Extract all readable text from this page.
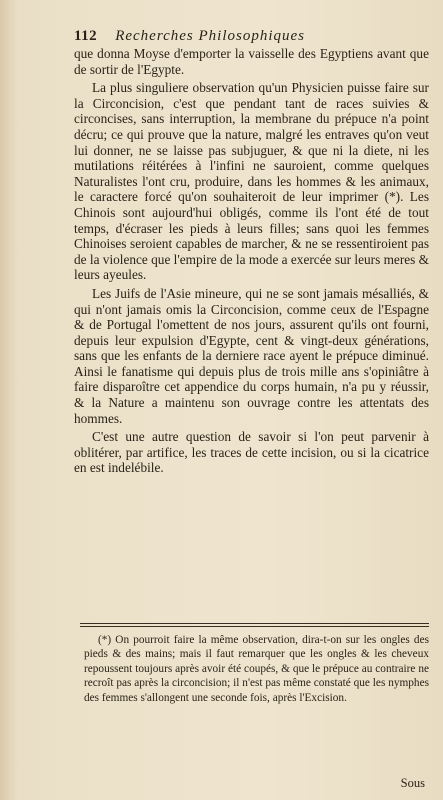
112 Recherches Philosophiques

que donna Moyse d'emporter la vaisselle des Egyptiens avant que de sortir de l'Egypte.

La plus singuliere observation qu'un Physicien puisse faire sur la Circoncision, c'est que pendant tant de races suivies & circoncises, sans interruption, la membrane du prépuce n'a point décru; ce qui prouve que la nature, malgré les entraves qu'on veut lui donner, ne se laisse pas subjuguer, & que ni la diete, ni les mutilations réitérées à l'infini ne sauroient, comme quelques Naturalistes l'ont cru, produire, dans les hommes & les animaux, le caractere forcé qu'on souhaiteroit de leur imprimer (*). Les Chinois sont aujourd'hui obligés, comme ils l'ont été de tout temps, d'écraser les pieds à leurs filles; sans quoi les femmes Chinoises seroient capables de marcher, & ne se ressentiroient pas de la violence que l'empire de la mode a exercée sur leurs meres & leurs ayeules.

Les Juifs de l'Asie mineure, qui ne se sont jamais mésalliés, & qui n'ont jamais omis la Circoncision, comme ceux de l'Espagne & de Portugal l'omettent de nos jours, assurent qu'ils ont fourni, depuis leur expulsion d'Egypte, cent & vingt-deux générations, sans que les enfants de la derniere race ayent le prépuce diminué. Ainsi le fanatisme qui depuis plus de trois mille ans s'opiniâtre à faire disparoître cet appendice du corps humain, n'a pu y réussir, & la Nature a maintenu son ouvrage contre les attentats des hommes.

C'est une autre question de savoir si l'on peut parvenir à oblitérer, par artifice, les traces de cette incision, ou si la cicatrice en est indelébile.

(*) On pourroit faire la même observation, dira-t-on sur les ongles des pieds & des mains; mais il faut remarquer que les ongles & les cheveux repoussent toujours après avoir été coupés, & que le prépuce au contraire ne recroît pas après la circoncision; il n'est pas même constaté que les nymphes des femmes s'allongent une seconde fois, après l'Excision.

Sous
